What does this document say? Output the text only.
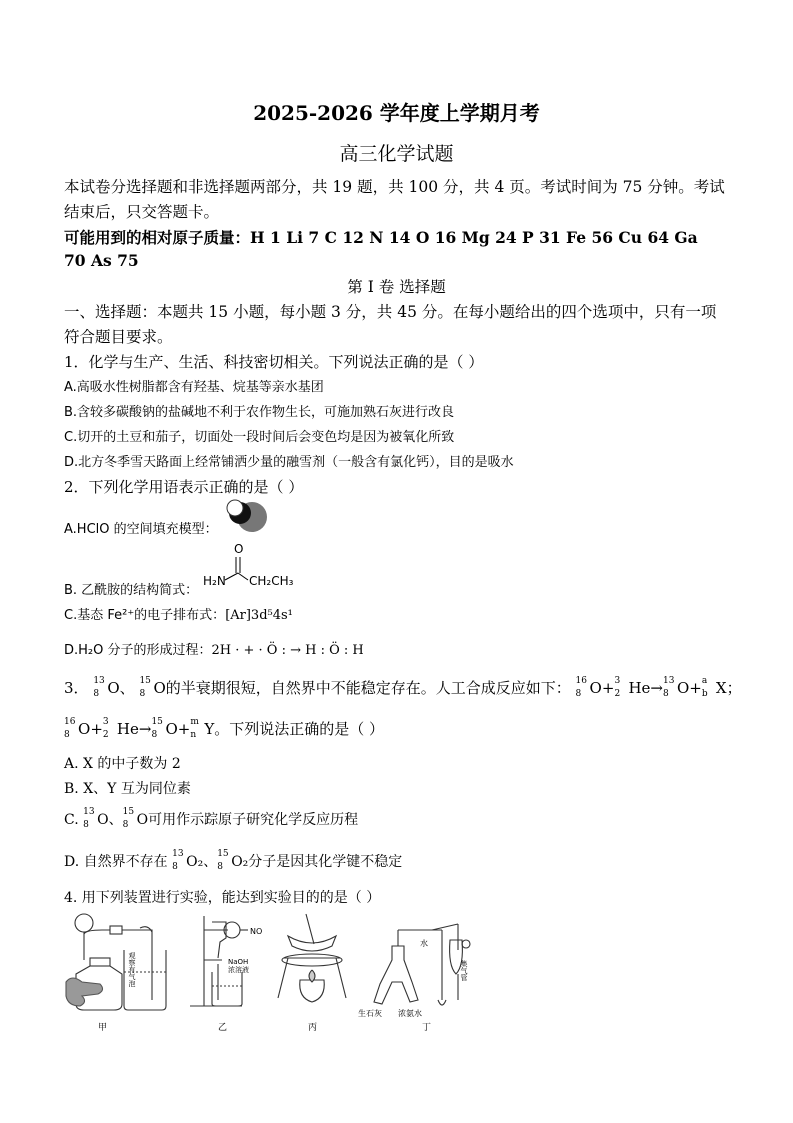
2025-2026 学年度上学期月考
高三化学试题
本试卷分选择题和非选择题两部分，共 19 题，共 100 分，共 4 页。考试时间为 75 分钟。考试
结束后，只交答题卡。
可能用到的相对原子质量：H 1 Li 7 C 12 N 14 O 16 Mg 24 P 31 Fe 56 Cu 64 Ga
70 As 75
第 I 卷 选择题
一、选择题：本题共 15 小题，每小题 3 分，共 45 分。在每小题给出的四个选项中，只有一项
符合题目要求。
1．化学与生产、生活、科技密切相关。下列说法正确的是（ ）
A.高吸水性树脂都含有羟基、烷基等亲水基团
B.含较多碳酸钠的盐碱地不利于农作物生长，可施加熟石灰进行改良
C.切开的土豆和茄子，切面处一段时间后会变色均是因为被氧化所致
D.北方冬季雪天路面上经常铺洒少量的融雪剂（一般含有氯化钙），目的是吸水
2．下列化学用语表示正确的是（ ）
A.HClO 的空间填充模型：
B. 乙酰胺的结构简式：
O
H₂N CH₂CH₃
C.基态 Fe²⁺的电子排布式：[Ar]3d⁵4s¹
D.H₂O 分子的形成过程：2H · + · Ö : → H : Ö : H
3． 13
8 O、 15
8 O的半衰期很短，自然界中不能稳定存在。人工合成反应如下： 16
8 O+ 3
2 He→ 13
8 O+ a
b X；
16
8 O+ 3
2 He→ 15
8 O+ m
n Y。下列说法正确的是（ ）
A. X 的中子数为 2
B. X、Y 互为同位素
C. 13
8 O、 15
8 O可用作示踪原子研究化学反应历程
D. 自然界不存在 13
8 O₂、 15
8 O₂分子是因其化学键不稳定
4. 用下列装置进行实验，能达到实验目的的是（ ）
观察有气泡
NO
NaOH
浓溶液
水
生石灰 浓氨水
集气管
甲	乙	丙	丁
